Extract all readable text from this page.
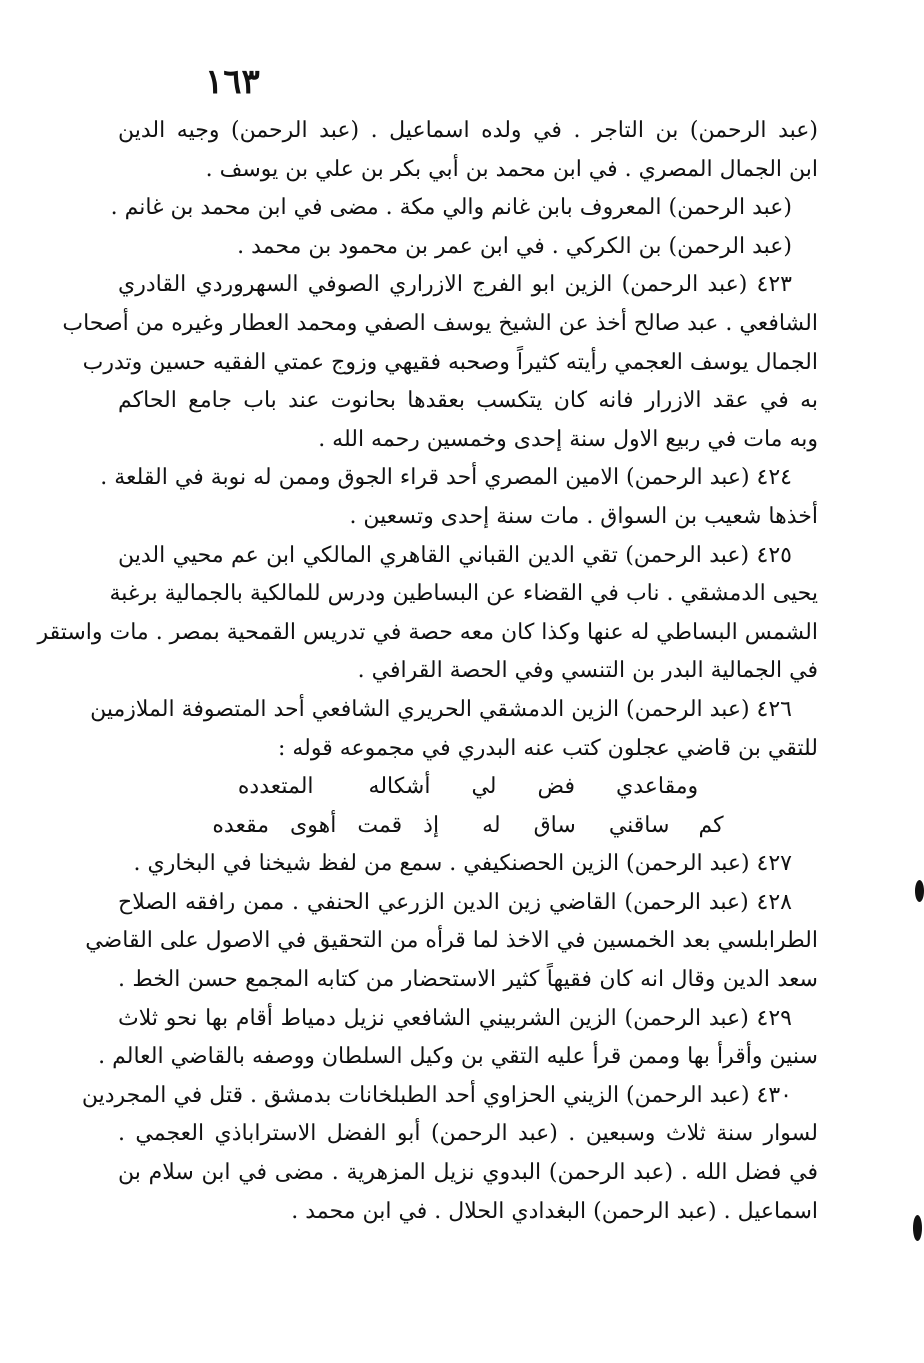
١٦٣
(عبد الرحمن) بن التاجر . في ولده اسماعيل . (عبد الرحمن) وجيه الدين
ابن الجمال المصري . في ابن محمد بن أبي بكر بن علي بن يوسف .
(عبد الرحمن) المعروف بابن غانم والي مكة . مضى في ابن محمد بن غانم .
(عبد الرحمن) بن الكركي . في ابن عمر بن محمود بن محمد .
٤٢٣ (عبد الرحمن) الزين ابو الفرج الازراري الصوفي السهروردي القادري
الشافعي . عبد صالح أخذ عن الشيخ يوسف الصفي ومحمد العطار وغيره من أصحاب
الجمال يوسف العجمي رأيته كثيراً وصحبه فقيهي وزوج عمتي الفقيه حسين وتدرب
به في عقد الازرار فانه كان يتكسب بعقدها بحانوت عند باب جامع الحاكم
وبه مات في ربيع الاول سنة إحدى وخمسين رحمه الله .
٤٢٤ (عبد الرحمن) الامين المصري أحد قراء الجوق وممن له نوبة في القلعة .
أخذها شعيب بن السواق . مات سنة إحدى وتسعين .
٤٢٥ (عبد الرحمن) تقي الدين القباني القاهري المالكي ابن عم محيي الدين
يحيى الدمشقي . ناب في القضاء عن البساطين ودرس للمالكية بالجمالية برغبة
الشمس البساطي له عنها وكذا كان معه حصة في تدريس القمحية بمصر . مات واستقر
في الجمالية البدر بن التنسي وفي الحصة القرافي .
٤٢٦ (عبد الرحمن) الزين الدمشقي الحريري الشافعي أحد المتصوفة الملازمين
للتقي بن قاضي عجلون كتب عنه البدري في مجموعه قوله :
ومقاعدي فض لي أشكاله المتعدده
كم ساقني ساق له إذ قمت أهوى مقعده
٤٢٧ (عبد الرحمن) الزين الحصنكيفي . سمع من لفظ شيخنا في البخاري .
٤٢٨ (عبد الرحمن) القاضي زين الدين الزرعي الحنفي . ممن رافقه الصلاح
الطرابلسي بعد الخمسين في الاخذ لما قرأه من التحقيق في الاصول على القاضي
سعد الدين وقال انه كان فقيهاً كثير الاستحضار من كتابه المجمع حسن الخط .
٤٢٩ (عبد الرحمن) الزين الشربيني الشافعي نزيل دمياط أقام بها نحو ثلاث
سنين وأقرأ بها وممن قرأ عليه التقي بن وكيل السلطان ووصفه بالقاضي العالم .
٤٣٠ (عبد الرحمن) الزيني الحزاوي أحد الطبلخانات بدمشق . قتل في المجردين
لسوار سنة ثلاث وسبعين . (عبد الرحمن) أبو الفضل الاستراباذي العجمي .
في فضل الله . (عبد الرحمن) البدوي نزيل المزهرية . مضى في ابن سلام بن
اسماعيل . (عبد الرحمن) البغدادي الحلال . في ابن محمد .
